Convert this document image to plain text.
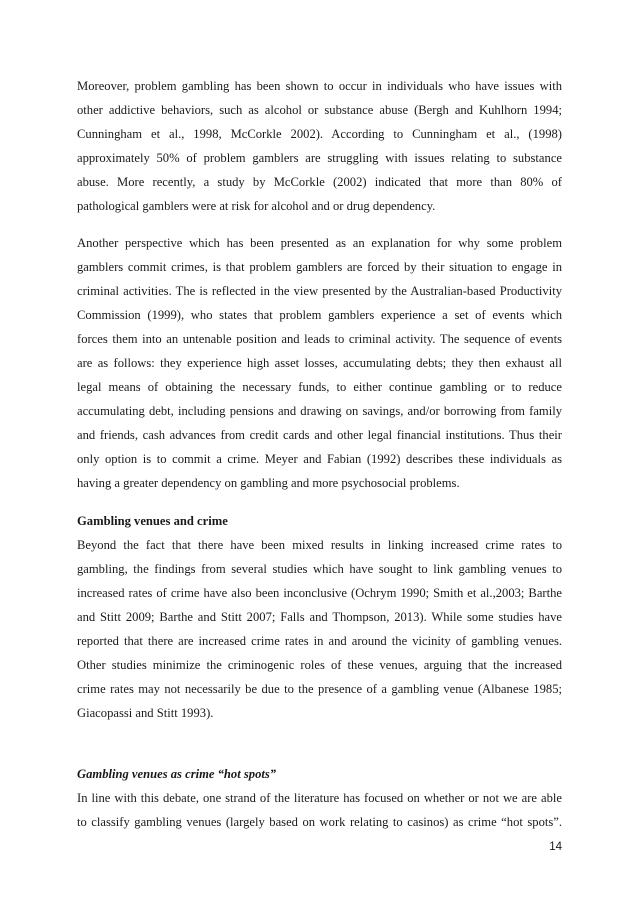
Moreover, problem gambling has been shown to occur in individuals who have issues with
other addictive behaviors, such as alcohol or substance abuse (Bergh and Kuhlhorn 1994;
Cunningham et al., 1998, McCorkle 2002). According to Cunningham et al., (1998)
approximately 50% of problem gamblers are struggling with issues relating to substance
abuse. More recently, a study by McCorkle (2002) indicated that more than 80% of
pathological gamblers were at risk for alcohol and or drug dependency.
Another perspective which has been presented as an explanation for why some problem
gamblers commit crimes, is that problem gamblers are forced by their situation to engage in
criminal activities. The is reflected in the view presented by the Australian-based Productivity
Commission (1999), who states that problem gamblers experience a set of events which
forces them into an untenable position and leads to criminal activity. The sequence of events
are as follows: they experience high asset losses, accumulating debts; they then exhaust all
legal means of obtaining the necessary funds, to either continue gambling or to reduce
accumulating debt, including pensions and drawing on savings, and/or borrowing from family
and friends, cash advances from credit cards and other legal financial institutions. Thus their
only option is to commit a crime. Meyer and Fabian (1992) describes these individuals as
having a greater dependency on gambling and more psychosocial problems.
Gambling venues and crime
Beyond the fact that there have been mixed results in linking increased crime rates to
gambling, the findings from several studies which have sought to link gambling venues to
increased rates of crime have also been inconclusive (Ochrym 1990; Smith et al.,2003; Barthe
and Stitt 2009; Barthe and Stitt 2007; Falls and Thompson, 2013). While some studies have
reported that there are increased crime rates in and around the vicinity of gambling venues.
Other studies minimize the criminogenic roles of these venues, arguing that the increased
crime rates may not necessarily be due to the presence of a gambling venue (Albanese 1985;
Giacopassi and Stitt 1993).
Gambling venues as crime “hot spots”
In line with this debate, one strand of the literature has focused on whether or not we are able
to classify gambling venues (largely based on work relating to casinos) as crime “hot spots”.
14
